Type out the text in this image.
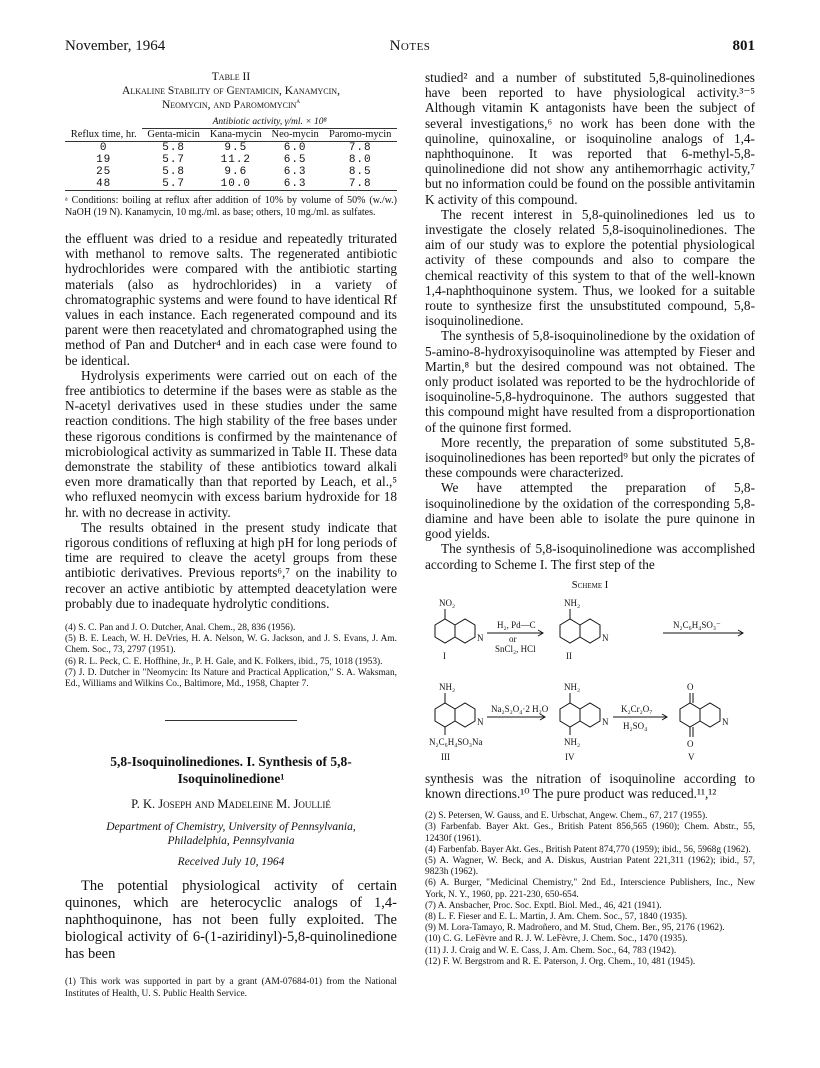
November, 1964	Notes	801
Table II
Alkaline Stability of Gentamicin, Kanamycin,
Neomycin, and Paromomycin$^a$
	Antibiotic activity, γ/ml. × 10⁸			
Reflux time, hr.	Genta-micin	Kana-mycin	Neo-mycin	Paromo-mycin
0	5.8	9.5	6.0	7.8
19	5.7	11.2	6.5	8.0
25	5.8	9.6	6.3	8.5
48	5.7	10.0	6.3	7.8
ᵃ Conditions: boiling at reflux after addition of 10% by volume of 50% (w./w.) NaOH (19 N). Kanamycin, 10 mg./ml. as base; others, 10 mg./ml. as sulfates.

the effluent was dried to a residue and repeatedly triturated with methanol to remove salts. The regenerated antibiotic hydrochlorides were compared with the antibiotic starting materials (also as hydrochlorides) in a variety of chromatographic systems and were found to have identical Rf values in each instance. Each regenerated compound and its parent were then reacetylated and chromatographed using the method of Pan and Dutcher⁴ and in each case were found to be identical.

Hydrolysis experiments were carried out on each of the free antibiotics to determine if the bases were as stable as the N-acetyl derivatives used in these studies under the same reaction conditions. The high stability of the free bases under these rigorous conditions is confirmed by the maintenance of microbiological activity as summarized in Table II. These data demonstrate the stability of these antibiotics toward alkali even more dramatically than that reported by Leach, et al.,⁵ who refluxed neomycin with excess barium hydroxide for 18 hr. with no decrease in activity.

The results obtained in the present study indicate that rigorous conditions of refluxing at high pH for long periods of time are required to cleave the acetyl groups from these antibiotic derivatives. Previous reports⁶,⁷ on the inability to recover an active antibiotic by attempted deacetylation were probably due to inadequate hydrolytic conditions.

(4) S. C. Pan and J. O. Dutcher, Anal. Chem., 28, 836 (1956).

(5) B. E. Leach, W. H. DeVries, H. A. Nelson, W. G. Jackson, and J. S. Evans, J. Am. Chem. Soc., 73, 2797 (1951).

(6) R. L. Peck, C. E. Hoffhine, Jr., P. H. Gale, and K. Folkers, ibid., 75, 1018 (1953).

(7) J. D. Dutcher in "Neomycin: Its Nature and Practical Application," S. A. Waksman, Ed., Williams and Wilkins Co., Baltimore, Md., 1958, Chapter 7.

5,8-Isoquinolinediones. I. Synthesis of 5,8-Isoquinolinedione¹
P. K. Joseph and Madeleine M. Joullié
Department of Chemistry, University of Pennsylvania,
Philadelphia, Pennsylvania
Received July 10, 1964

The potential physiological activity of certain quinones, which are heterocyclic analogs of 1,4-naphthoquinone, has not been fully exploited. The biological activity of 6-(1-aziridinyl)-5,8-quinolinedione has been

(1) This work was supported in part by a grant (AM-07684-01) from the National Institutes of Health, U. S. Public Health Service.

studied² and a number of substituted 5,8-quinolinediones have been reported to have physiological activity.³⁻⁵ Although vitamin K antagonists have been the subject of several investigations,⁶ no work has been done with the quinoline, quinoxaline, or isoquinoline analogs of 1,4-naphthoquinone. It was reported that 6-methyl-5,8-quinolinedione did not show any antihemorrhagic activity,⁷ but no information could be found on the possible antivitamin K activity of this compound.

The recent interest in 5,8-quinolinediones led us to investigate the closely related 5,8-isoquinolinediones. The aim of our study was to explore the potential physiological activity of these compounds and also to compare the chemical reactivity of this system to that of the well-known 1,4-naphthoquinone system. Thus, we looked for a suitable route to synthesize first the unsubstituted compound, 5,8-isoquinolinedione.

The synthesis of 5,8-isoquinolinedione by the oxidation of 5-amino-8-hydroxyisoquinoline was attempted by Fieser and Martin,⁸ but the desired compound was not obtained. The only product isolated was reported to be the hydrochloride of isoquinoline-5,8-hydroquinone. The authors suggested that this compound might have resulted from a disproportionation of the quinone first formed.

More recently, the preparation of some substituted 5,8-isoquinolinediones has been reported⁹ but only the picrates of these compounds were characterized.

We have attempted the preparation of 5,8-isoquinolinedione by the oxidation of the corresponding 5,8-diamine and have been able to isolate the pure quinone in good yields.

The synthesis of 5,8-isoquinolinedione was accomplished according to Scheme I. The first step of the

Scheme I
NO₂	NH₂
N	N
H₂, Pd—C
or
SnCl₂, HCl
N₂C₆H₄SO₃⁻
I	II
NH₂	NH₂	O
N	N	N
Na₂S₂O₄·2 H₂O	K₂Cr₂O₇
H₂SO₄
N₂C₆H₄SO₃Na	NH₂	O
III	IV	V

synthesis was the nitration of isoquinoline according to known directions.¹⁰ The pure product was reduced.¹¹,¹²

(2) S. Petersen, W. Gauss, and E. Urbschat, Angew. Chem., 67, 217 (1955).

(3) Farbenfab. Bayer Akt. Ges., British Patent 856,565 (1960); Chem. Abstr., 55, 12430f (1961).

(4) Farbenfab. Bayer Akt. Ges., British Patent 874,770 (1959); ibid., 56, 5968g (1962).

(5) A. Wagner, W. Beck, and A. Diskus, Austrian Patent 221,311 (1962); ibid., 57, 9823h (1962).

(6) A. Burger, "Medicinal Chemistry," 2nd Ed., Interscience Publishers, Inc., New York, N. Y., 1960, pp. 221-230, 650-654.

(7) A. Ansbacher, Proc. Soc. Exptl. Biol. Med., 46, 421 (1941).

(8) L. F. Fieser and E. L. Martin, J. Am. Chem. Soc., 57, 1840 (1935).

(9) M. Lora-Tamayo, R. Madroñero, and M. Stud, Chem. Ber., 95, 2176 (1962).

(10) C. G. LeFèvre and R. J. W. LeFèvre, J. Chem. Soc., 1470 (1935).

(11) J. J. Craig and W. E. Cass, J. Am. Chem. Soc., 64, 783 (1942).

(12) F. W. Bergstrom and R. E. Paterson, J. Org. Chem., 10, 481 (1945).
